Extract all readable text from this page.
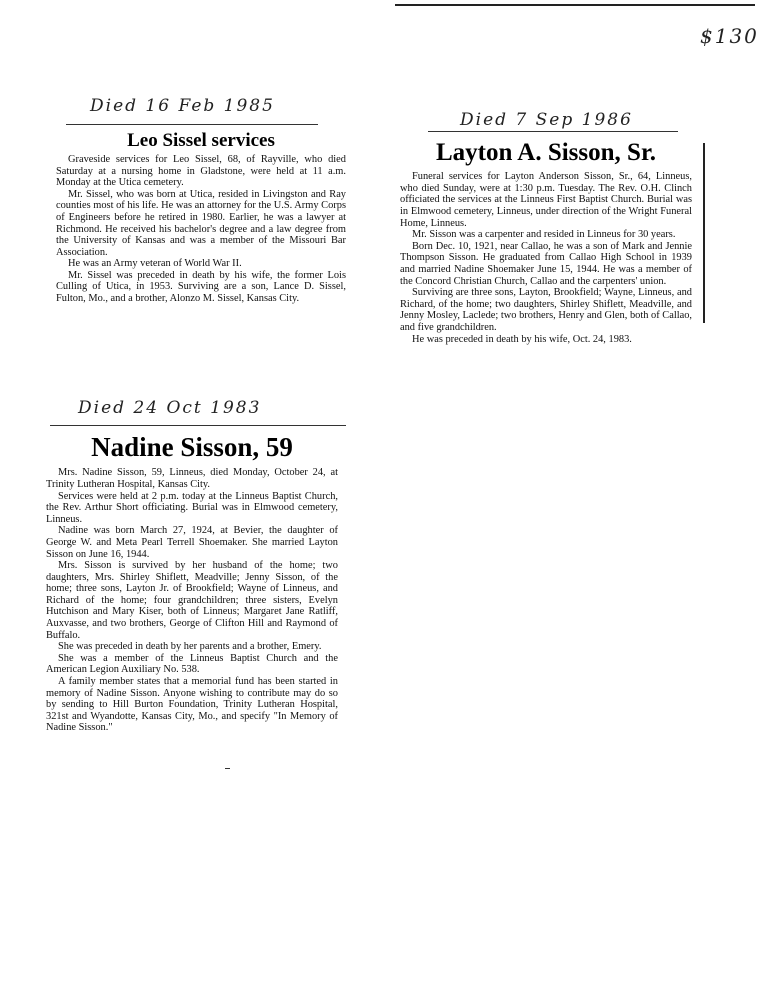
$130
Died 16 Feb 1985
Leo Sissel services

Graveside services for Leo Sissel, 68, of Rayville, who died Saturday at a nursing home in Gladstone, were held at 11 a.m. Monday at the Utica cemetery.

Mr. Sissel, who was born at Utica, resided in Livingston and Ray counties most of his life. He was an attorney for the U.S. Army Corps of Engineers before he retired in 1980. Earlier, he was a lawyer at Richmond. He received his bachelor's degree and a law degree from the University of Kansas and was a member of the Missouri Bar Association.

He was an Army veteran of World War II.

Mr. Sissel was preceded in death by his wife, the former Lois Culling of Utica, in 1953. Surviving are a son, Lance D. Sissel, Fulton, Mo., and a brother, Alonzo M. Sissel, Kansas City.

Died 7 Sep 1986
Layton A. Sisson, Sr.

Funeral services for Layton Anderson Sisson, Sr., 64, Linneus, who died Sunday, were at 1:30 p.m. Tuesday. The Rev. O.H. Clinch officiated the services at the Linneus First Baptist Church. Burial was in Elmwood cemetery, Linneus, under direction of the Wright Funeral Home, Linneus.

Mr. Sisson was a carpenter and resided in Linneus for 30 years.

Born Dec. 10, 1921, near Callao, he was a son of Mark and Jennie Thompson Sisson. He graduated from Callao High School in 1939 and married Nadine Shoemaker June 15, 1944. He was a member of the Concord Christian Church, Callao and the carpenters' union.

Surviving are three sons, Layton, Brookfield; Wayne, Linneus, and Richard, of the home; two daughters, Shirley Shiflett, Meadville, and Jenny Mosley, Laclede; two brothers, Henry and Glen, both of Callao, and five grandchildren.

He was preceded in death by his wife, Oct. 24, 1983.

Died 24 Oct 1983
Nadine Sisson, 59

Mrs. Nadine Sisson, 59, Linneus, died Monday, October 24, at Trinity Lutheran Hospital, Kansas City.

Services were held at 2 p.m. today at the Linneus Baptist Church, the Rev. Arthur Short officiating. Burial was in Elmwood cemetery, Linneus.

Nadine was born March 27, 1924, at Bevier, the daughter of George W. and Meta Pearl Terrell Shoemaker. She married Layton Sisson on June 16, 1944.

Mrs. Sisson is survived by her husband of the home; two daughters, Mrs. Shirley Shiflett, Meadville; Jenny Sisson, of the home; three sons, Layton Jr. of Brookfield; Wayne of Linneus, and Richard of the home; four grandchildren; three sisters, Evelyn Hutchison and Mary Kiser, both of Linneus; Margaret Jane Ratliff, Auxvasse, and two brothers, George of Clifton Hill and Raymond of Buffalo.

She was preceded in death by her parents and a brother, Emery.

She was a member of the Linneus Baptist Church and the American Legion Auxiliary No. 538.

A family member states that a memorial fund has been started in memory of Nadine Sisson. Anyone wishing to contribute may do so by sending to Hill Burton Foundation, Trinity Lutheran Hospital, 321st and Wyandotte, Kansas City, Mo., and specify "In Memory of Nadine Sisson."
